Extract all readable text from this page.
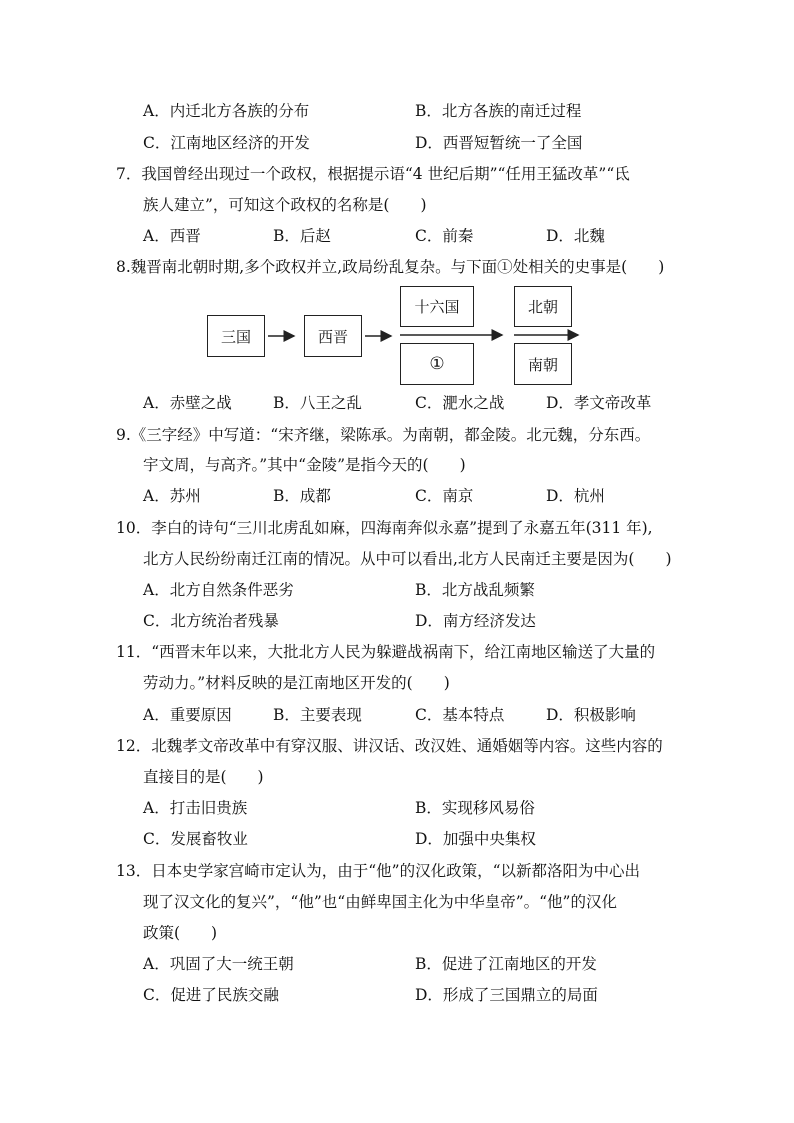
A．内迁北方各族的分布	B．北方各族的南迁过程
C．江南地区经济的开发	D．西晋短暂统一了全国
7．我国曾经出现过一个政权，根据提示语“4 世纪后期”“任用王猛改革”“氐
族人建立”，可知这个政权的名称是(　　)
A．西晋	B．后赵	C．前秦	D．北魏
8.魏晋南北朝时期,多个政权并立,政局纷乱复杂。与下面①处相关的史事是(　　)
三国	西晋
十六国
①
北朝
南朝
A．赤壁之战	B．八王之乱	C．淝水之战	D．孝文帝改革
9.《三字经》中写道：“宋齐继，梁陈承。为南朝，都金陵。北元魏，分东西。
宇文周，与高齐。”其中“金陵”是指今天的(　　)
A．苏州	B．成都	C．南京	D．杭州
10．李白的诗句“三川北虏乱如麻，四海南奔似永嘉”提到了永嘉五年(311 年),
北方人民纷纷南迁江南的情况。从中可以看出,北方人民南迁主要是因为(　　)
A．北方自然条件恶劣	B．北方战乱频繁
C．北方统治者残暴	D．南方经济发达
11．“西晋末年以来，大批北方人民为躲避战祸南下，给江南地区输送了大量的
劳动力。”材料反映的是江南地区开发的(　　)
A．重要原因	B．主要表现	C．基本特点	D．积极影响
12．北魏孝文帝改革中有穿汉服、讲汉话、改汉姓、通婚姻等内容。这些内容的
直接目的是(　　)
A．打击旧贵族	B．实现移风易俗
C．发展畜牧业	D．加强中央集权
13．日本史学家宫崎市定认为，由于“他”的汉化政策，“以新都洛阳为中心出
现了汉文化的复兴”，“他”也“由鲜卑国主化为中华皇帝”。“他”的汉化
政策(　　)
A．巩固了大一统王朝	B．促进了江南地区的开发
C．促进了民族交融	D．形成了三国鼎立的局面
